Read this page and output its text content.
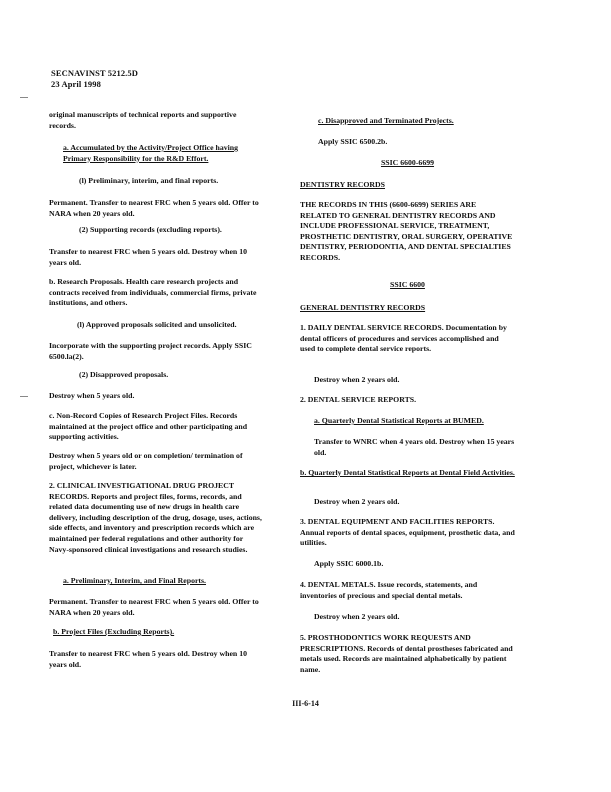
SECNAVINST 5212.5D
23 April 1998

original manuscripts of technical reports and supportive records.

a. Accumulated by the Activity/Project Office having Primary Responsibility for the R&D Effort.

(l) Preliminary, interim, and final reports.

Permanent. Transfer to nearest FRC when 5 years old. Offer to NARA when 20 years old.

(2) Supporting records (excluding reports).

Transfer to nearest FRC when 5 years old. Destroy when 10 years old.

b. Research Proposals. Health care research projects and contracts received from individuals, commercial firms, private institutions, and others.

(l) Approved proposals solicited and unsolicited.

Incorporate with the supporting project records. Apply SSIC 6500.la(2).

(2) Disapproved proposals.

Destroy when 5 years old.

c. Non-Record Copies of Research Project Files. Records maintained at the project office and other participating and supporting activities.

Destroy when 5 years old or on completion/ termination of project, whichever is later.

2. CLINICAL INVESTIGATIONAL DRUG PROJECT RECORDS. Reports and project files, forms, records, and related data documenting use of new drugs in health care delivery, including description of the drug, dosage, uses, actions, side effects, and inventory and prescription records which are maintained per federal regulations and other authority for Navy-sponsored clinical investigations and research studies.

a. Preliminary, Interim, and Final Reports.

Permanent. Transfer to nearest FRC when 5 years old. Offer to NARA when 20 years old.

b. Project Files (Excluding Reports).

Transfer to nearest FRC when 5 years old. Destroy when 10 years old.

c. Disapproved and Terminated Projects.

Apply SSIC 6500.2b.

SSIC 6600-6699

DENTISTRY RECORDS

THE RECORDS IN THIS (6600-6699) SERIES ARE RELATED TO GENERAL DENTISTRY RECORDS AND INCLUDE PROFESSIONAL SERVICE, TREATMENT, PROSTHETIC DENTISTRY, ORAL SURGERY, OPERATIVE DENTISTRY, PERIODONTIA, AND DENTAL SPECIALTIES RECORDS.

SSIC 6600

GENERAL DENTISTRY RECORDS

1. DAILY DENTAL SERVICE RECORDS. Documentation by dental officers of procedures and services accomplished and used to complete dental service reports.

Destroy when 2 years old.

2. DENTAL SERVICE REPORTS.

a. Quarterly Dental Statistical Reports at BUMED.

Transfer to WNRC when 4 years old. Destroy when 15 years old.

b. Quarterly Dental Statistical Reports at Dental Field Activities.

Destroy when 2 years old.

3. DENTAL EQUIPMENT AND FACILITIES REPORTS. Annual reports of dental spaces, equipment, prosthetic data, and utilities.

Apply SSIC 6000.1b.

4. DENTAL METALS. Issue records, statements, and inventories of precious and special dental metals.

Destroy when 2 years old.

5. PROSTHODONTICS WORK REQUESTS AND PRESCRIPTIONS. Records of dental prostheses fabricated and metals used. Records are maintained alphabetically by patient name.

III-6-14
